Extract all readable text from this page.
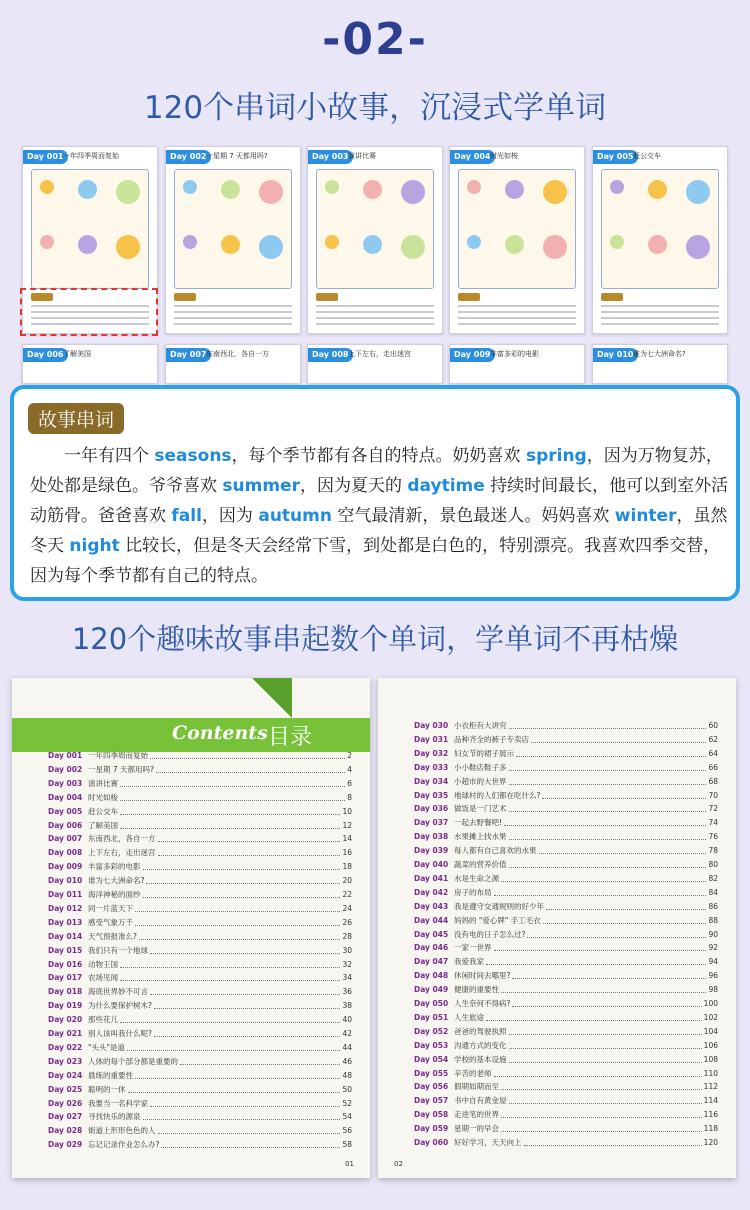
-02-
120个串词小故事，沉浸式学单词
Day 001 一年四季周而复始	Day 002 一星期 7 天都用吗?	Day 003 演讲比赛	Day 004 时光如梭	Day 005 赶公交车
Day 006 了解美国	Day 007 东南西北，各自一方	Day 008 上下左右，走出迷宫	Day 009 丰富多彩的电影	Day 010 谁为七大洲命名?
故事串词
一年有四个 seasons，每个季节都有各自的特点。奶奶喜欢 spring，因为万物复苏，处处都是绿色。爷爷喜欢 summer，因为夏天的 daytime 持续时间最长，他可以到室外活动筋骨。爸爸喜欢 fall，因为 autumn 空气最清新，景色最迷人。妈妈喜欢 winter，虽然冬天 night 比较长，但是冬天会经常下雪，到处都是白色的，特别漂亮。我喜欢四季交替，因为每个季节都有自己的特点。
120个趣味故事串起数个单词，学单词不再枯燥
Contents 目录
Day 001 一年四季周而复始	2
Day 002 一星期 7 天都用吗?	4
Day 003 演讲比赛	6
Day 004 时光如梭	8
Day 005 赶公交车	10
Day 006 了解美国	12
Day 007 东南西北，各自一方	14
Day 008 上下左右，走出迷宫	16
Day 009 丰富多彩的电影	18
Day 010 谁为七大洲命名?	20
Day 011 海洋神秘的面纱	22
Day 012 同一片蓝天下	24
Day 013 感受气象万千	26
Day 014 天气预报准么?	28
Day 015 我们只有一个地球	30
Day 016 动物王国	32
Day 017 农场见闻	34
Day 018 海底世界妙不可言	36
Day 019 为什么要保护树木?	38
Day 020 那些花儿	40
Day 021 别人该叫我什么呢?	42
Day 022 "头头"是道	44
Day 023 人体的每个部分都是重要的	46
Day 024 晨练的重要性	48
Day 025 聪明的一休	50
Day 026 我要当一名科学家	52
Day 027 寻找快乐的源泉	54
Day 028 街道上形形色色的人	56
Day 029 忘记记录作业怎么办?	58
01
Day 030 小衣柜有大讲究	60
Day 031 品种齐全的裤子专卖店	62
Day 032 妇女节的裙子展示	64
Day 033 小小鞋店鞋子多	66
Day 034 小超市的大世界	68
Day 035 地球村的人们都在吃什么?	70
Day 036 做饭是一门艺术	72
Day 037 一起去野餐吧!	74
Day 038 水果摊上找水果	76
Day 039 每人都有自己喜欢的水果	78
Day 040 蔬菜的营养价值	80
Day 041 水是生命之源	82
Day 042 房子的布局	84
Day 043 我是遵守交通规则的好少年	86
Day 044 妈妈的 "爱心牌" 手工毛衣	88
Day 045 没有电的日子怎么过?	90
Day 046 一家一世界	92
Day 047 我爱我家	94
Day 048 休闲时间去哪里?	96
Day 049 健康的重要性	98
Day 050 人生奈何不得病?	100
Day 051 人生旅途	102
Day 052 爸爸的驾驶执照	104
Day 053 沟通方式的变化	106
Day 054 学校的基本设施	108
Day 055 辛苦的老师	110
Day 056 假期如期而至	112
Day 057 书中自有黄金屋	114
Day 058 走进笔的世界	116
Day 059 星期一的早会	118
Day 060 好好学习，天天向上	120
02
